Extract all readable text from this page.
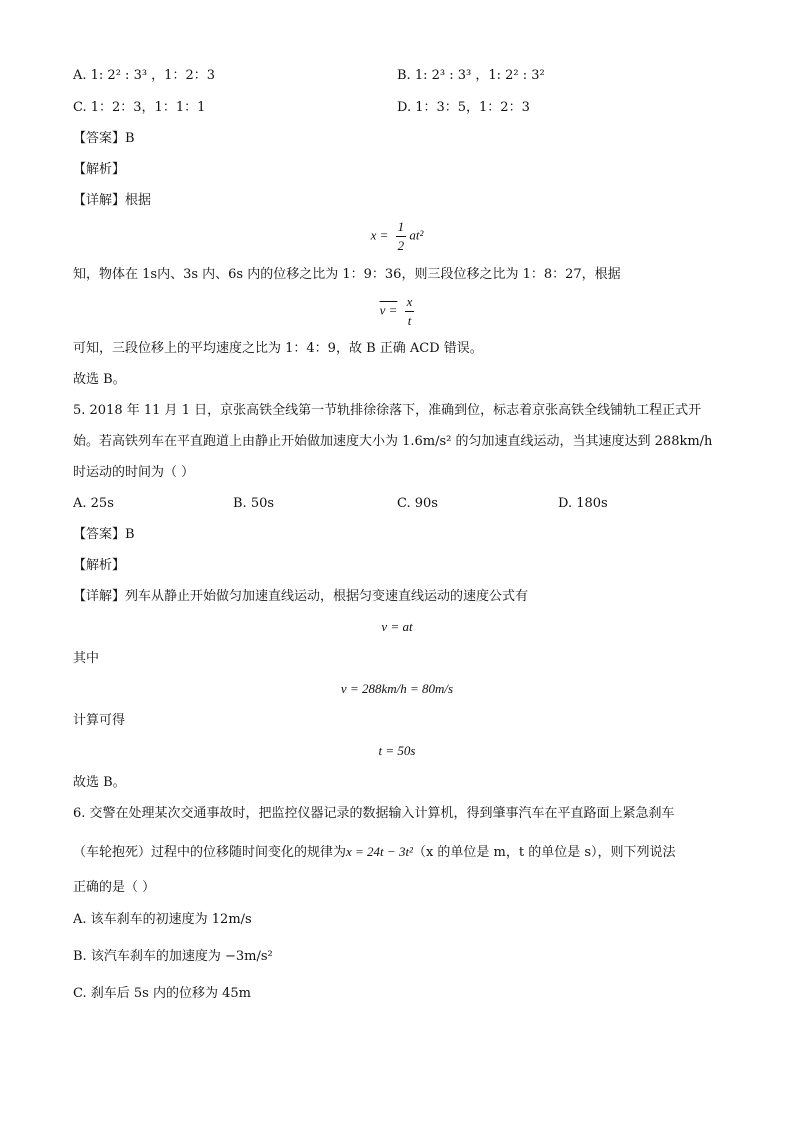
A. 1: 2² : 3³ ，1：2：3	B. 1: 2³ : 3³ ，1: 2² : 3²
C. 1：2：3，1：1：1	D. 1：3：5，1：2：3
【答案】B
【解析】
【详解】根据
$x = \frac{1}{2} at^2$
知，物体在 1s内、3s 内、6s 内的位移之比为 1：9：36，则三段位移之比为 1：8：27，根据
$v = \frac{x}{t}$
可知，三段位移上的平均速度之比为 1：4：9，故 B 正确 ACD 错误。
故选 B。
5. 2018 年 11 月 1 日，京张高铁全线第一节轨排徐徐落下，准确到位，标志着京张高铁全线铺轨工程正式开
始。若高铁列车在平直跑道上由静止开始做加速度大小为 1.6m/s² 的匀加速直线运动，当其速度达到 288km/h
时运动的时间为（ ）
A. 25s	B. 50s	C. 90s	D. 180s
【答案】B
【解析】
【详解】列车从静止开始做匀加速直线运动，根据匀变速直线运动的速度公式有
v = at
其中
v = 288km/h = 80m/s
计算可得
t = 50s
故选 B。
6. 交警在处理某次交通事故时，把监控仪器记录的数据输入计算机，得到肇事汽车在平直路面上紧急刹车
（车轮抱死）过程中的位移随时间变化的规律为x = 24t − 3t²（x 的单位是 m，t 的单位是 s），则下列说法
正确的是（ ）
A. 该车刹车的初速度为 12m/s
B. 该汽车刹车的加速度为 −3m/s²
C. 刹车后 5s 内的位移为 45m
